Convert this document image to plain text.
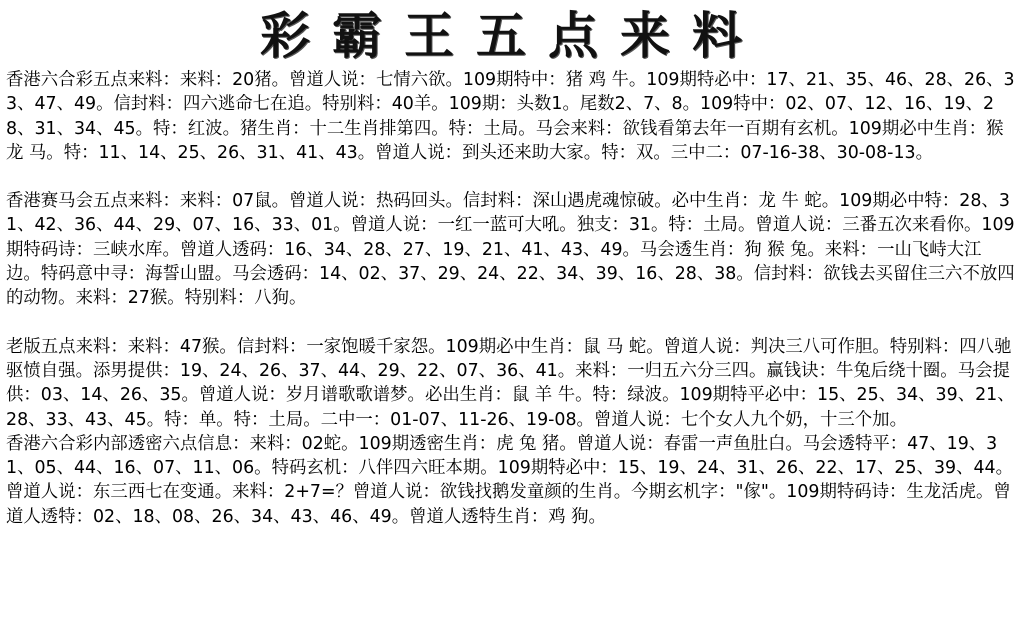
彩霸王五点来料

香港六合彩五点来料：来料：20猪。曾道人说：七情六欲。109期特中：猪 鸡 牛。109期特必中：17、21、35、46、28、26、33、47、49。信封料：四六逃命七在追。特别料：40羊。109期：头数1。尾数2、7、8。109特中：02、07、12、16、19、28、31、34、45。特：红波。猪生肖：十二生肖排第四。特：土局。马会来料：欲钱看第去年一百期有玄机。109期必中生肖：猴 龙 马。特：11、14、25、26、31、41、43。曾道人说：到头还来助大家。特：双。三中二：07-16-38、30-08-13。

香港赛马会五点来料：来料：07鼠。曾道人说：热码回头。信封料：深山遇虎魂惊破。必中生肖：龙 牛 蛇。109期必中特：28、31、42、36、44、29、07、16、33、01。曾道人说：一红一蓝可大吼。独支：31。特：土局。曾道人说：三番五次来看你。109期特码诗：三峡水库。曾道人透码：16、34、28、27、19、21、41、43、49。马会透生肖：狗 猴 兔。来料：一山飞峙大江边。特码意中寻：海誓山盟。马会透码：14、02、37、29、24、22、34、39、16、28、38。信封料：欲钱去买留住三六不放四的动物。来料：27猴。特别料：八狗。

老版五点来料：来料：47猴。信封料：一家饱暖千家怨。109期必中生肖：鼠 马 蛇。曾道人说：判决三八可作胆。特别料：四八驰驱愤自强。添男提供：19、24、26、37、44、29、22、07、36、41。来料：一归五六分三四。赢钱诀：牛兔后绕十圈。马会提供：03、14、26、35。曾道人说：岁月谱歌歌谱梦。必出生肖：鼠 羊 牛。特：绿波。109期特平必中：15、25、34、39、21、28、33、43、45。特：单。特：土局。二中一：01-07、11-26、19-08。曾道人说：七个女人九个奶，十三个加。

香港六合彩内部透密六点信息：来料：02蛇。109期透密生肖：虎 兔 猪。曾道人说：春雷一声鱼肚白。马会透特平：47、19、31、05、44、16、07、11、06。特码玄机：八伴四六旺本期。109期特必中：15、19、24、31、26、22、17、25、39、44。曾道人说：东三西七在变通。来料：2+7=？曾道人说：欲钱找鹅发童颜的生肖。今期玄机字："傢"。109期特码诗：生龙活虎。曾道人透特：02、18、08、26、34、43、46、49。曾道人透特生肖：鸡 狗。
